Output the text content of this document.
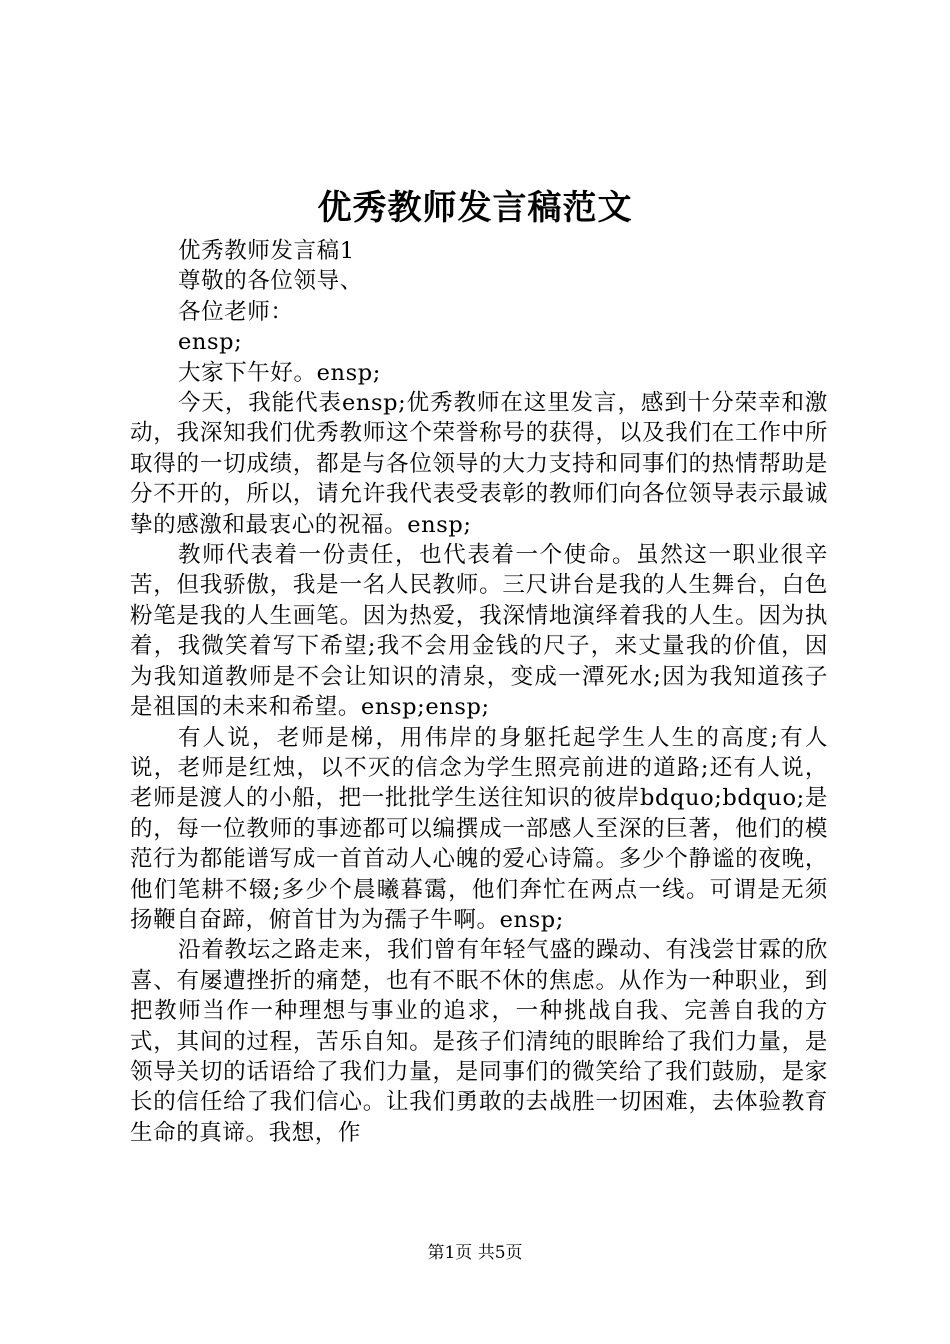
优秀教师发言稿范文

优秀教师发言稿1

尊敬的各位领导、

各位老师：

ensp;

大家下午好。ensp;

今天，我能代表ensp;优秀教师在这里发言，感到十分荣幸和激动，我深知我们优秀教师这个荣誉称号的获得，以及我们在工作中所取得的一切成绩，都是与各位领导的大力支持和同事们的热情帮助是分不开的，所以，请允许我代表受表彰的教师们向各位领导表示最诚挚的感激和最衷心的祝福。ensp;

教师代表着一份责任，也代表着一个使命。虽然这一职业很辛苦，但我骄傲，我是一名人民教师。三尺讲台是我的人生舞台，白色粉笔是我的人生画笔。因为热爱，我深情地演绎着我的人生。因为执着，我微笑着写下希望;我不会用金钱的尺子，来丈量我的价值，因为我知道教师是不会让知识的清泉，变成一潭死水;因为我知道孩子是祖国的未来和希望。ensp;ensp;

有人说，老师是梯，用伟岸的身躯托起学生人生的高度;有人说，老师是红烛，以不灭的信念为学生照亮前进的道路;还有人说，老师是渡人的小船，把一批批学生送往知识的彼岸bdquo;bdquo;是的，每一位教师的事迹都可以编撰成一部感人至深的巨著，他们的模范行为都能谱写成一首首动人心魄的爱心诗篇。多少个静谧的夜晚，他们笔耕不辍;多少个晨曦暮霭，他们奔忙在两点一线。可谓是无须扬鞭自奋蹄，俯首甘为为孺子牛啊。ensp;

沿着教坛之路走来，我们曾有年轻气盛的躁动、有浅尝甘霖的欣喜、有屡遭挫折的痛楚，也有不眠不休的焦虑。从作为一种职业，到把教师当作一种理想与事业的追求，一种挑战自我、完善自我的方式，其间的过程，苦乐自知。是孩子们清纯的眼眸给了我们力量，是领导关切的话语给了我们力量，是同事们的微笑给了我们鼓励，是家长的信任给了我们信心。让我们勇敢的去战胜一切困难，去体验教育生命的真谛。我想，作

第1页 共5页
